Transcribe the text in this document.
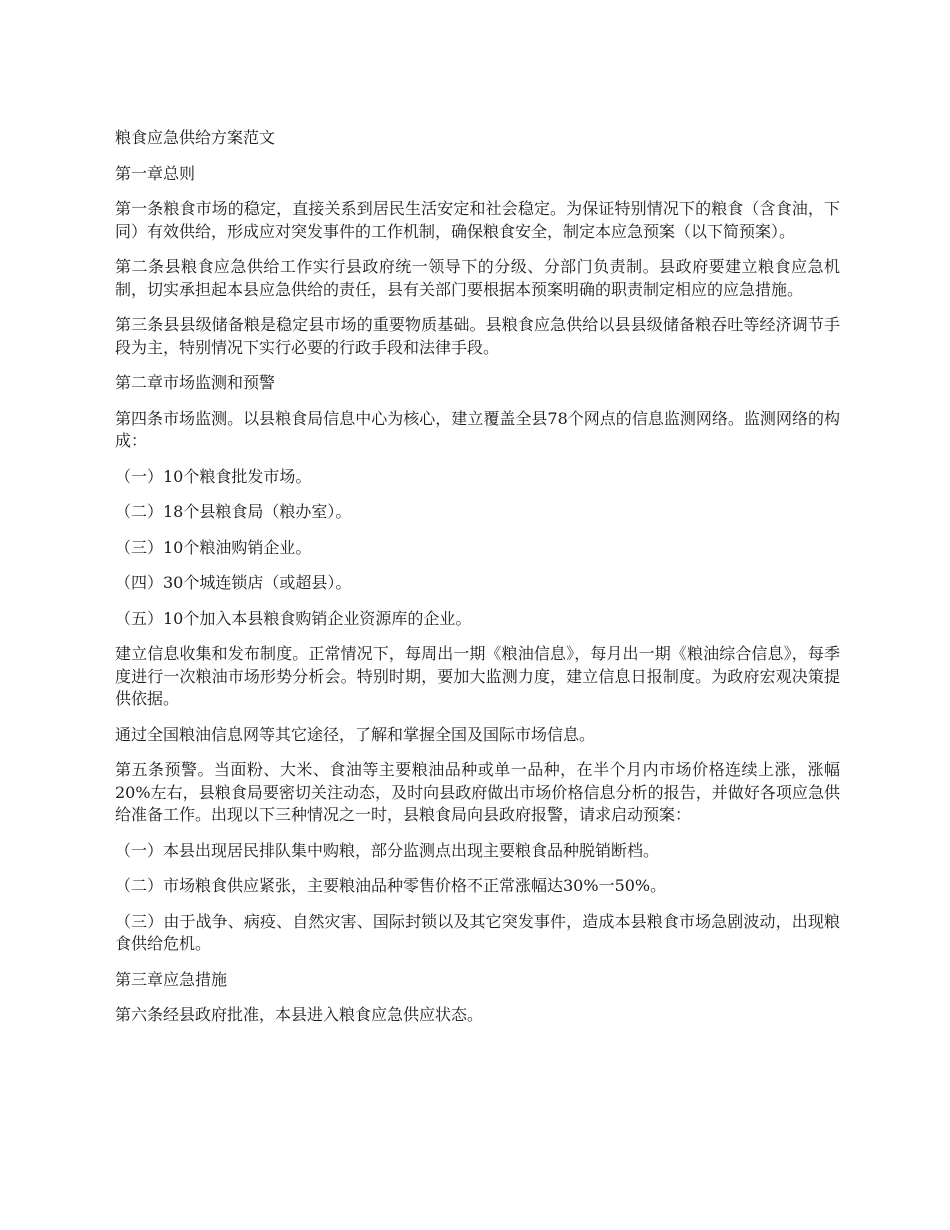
粮食应急供给方案范文

第一章总则

第一条粮食市场的稳定，直接关系到居民生活安定和社会稳定。为保证特别情况下的粮食（含食油，下同）有效供给，形成应对突发事件的工作机制，确保粮食安全，制定本应急预案（以下简预案）。

第二条县粮食应急供给工作实行县政府统一领导下的分级、分部门负责制。县政府要建立粮食应急机制，切实承担起本县应急供给的责任，县有关部门要根据本预案明确的职责制定相应的应急措施。

第三条县县级储备粮是稳定县市场的重要物质基础。县粮食应急供给以县县级储备粮吞吐等经济调节手段为主，特别情况下实行必要的行政手段和法律手段。

第二章市场监测和预警

第四条市场监测。以县粮食局信息中心为核心，建立覆盖全县78个网点的信息监测网络。监测网络的构成：

（一）10个粮食批发市场。

（二）18个县粮食局（粮办室）。

（三）10个粮油购销企业。

（四）30个城连锁店（或超县）。

（五）10个加入本县粮食购销企业资源库的企业。

建立信息收集和发布制度。正常情况下，每周出一期《粮油信息》，每月出一期《粮油综合信息》，每季度进行一次粮油市场形势分析会。特别时期，要加大监测力度，建立信息日报制度。为政府宏观决策提供依据。

通过全国粮油信息网等其它途径，了解和掌握全国及国际市场信息。

第五条预警。当面粉、大米、食油等主要粮油品种或单一品种，在半个月内市场价格连续上涨，涨幅20%左右，县粮食局要密切关注动态，及时向县政府做出市场价格信息分析的报告，并做好各项应急供给准备工作。出现以下三种情况之一时，县粮食局向县政府报警，请求启动预案：

（一）本县出现居民排队集中购粮，部分监测点出现主要粮食品种脱销断档。

（二）市场粮食供应紧张，主要粮油品种零售价格不正常涨幅达30%一50%。

（三）由于战争、病疫、自然灾害、国际封锁以及其它突发事件，造成本县粮食市场急剧波动，出现粮食供给危机。

第三章应急措施

第六条经县政府批准，本县进入粮食应急供应状态。
